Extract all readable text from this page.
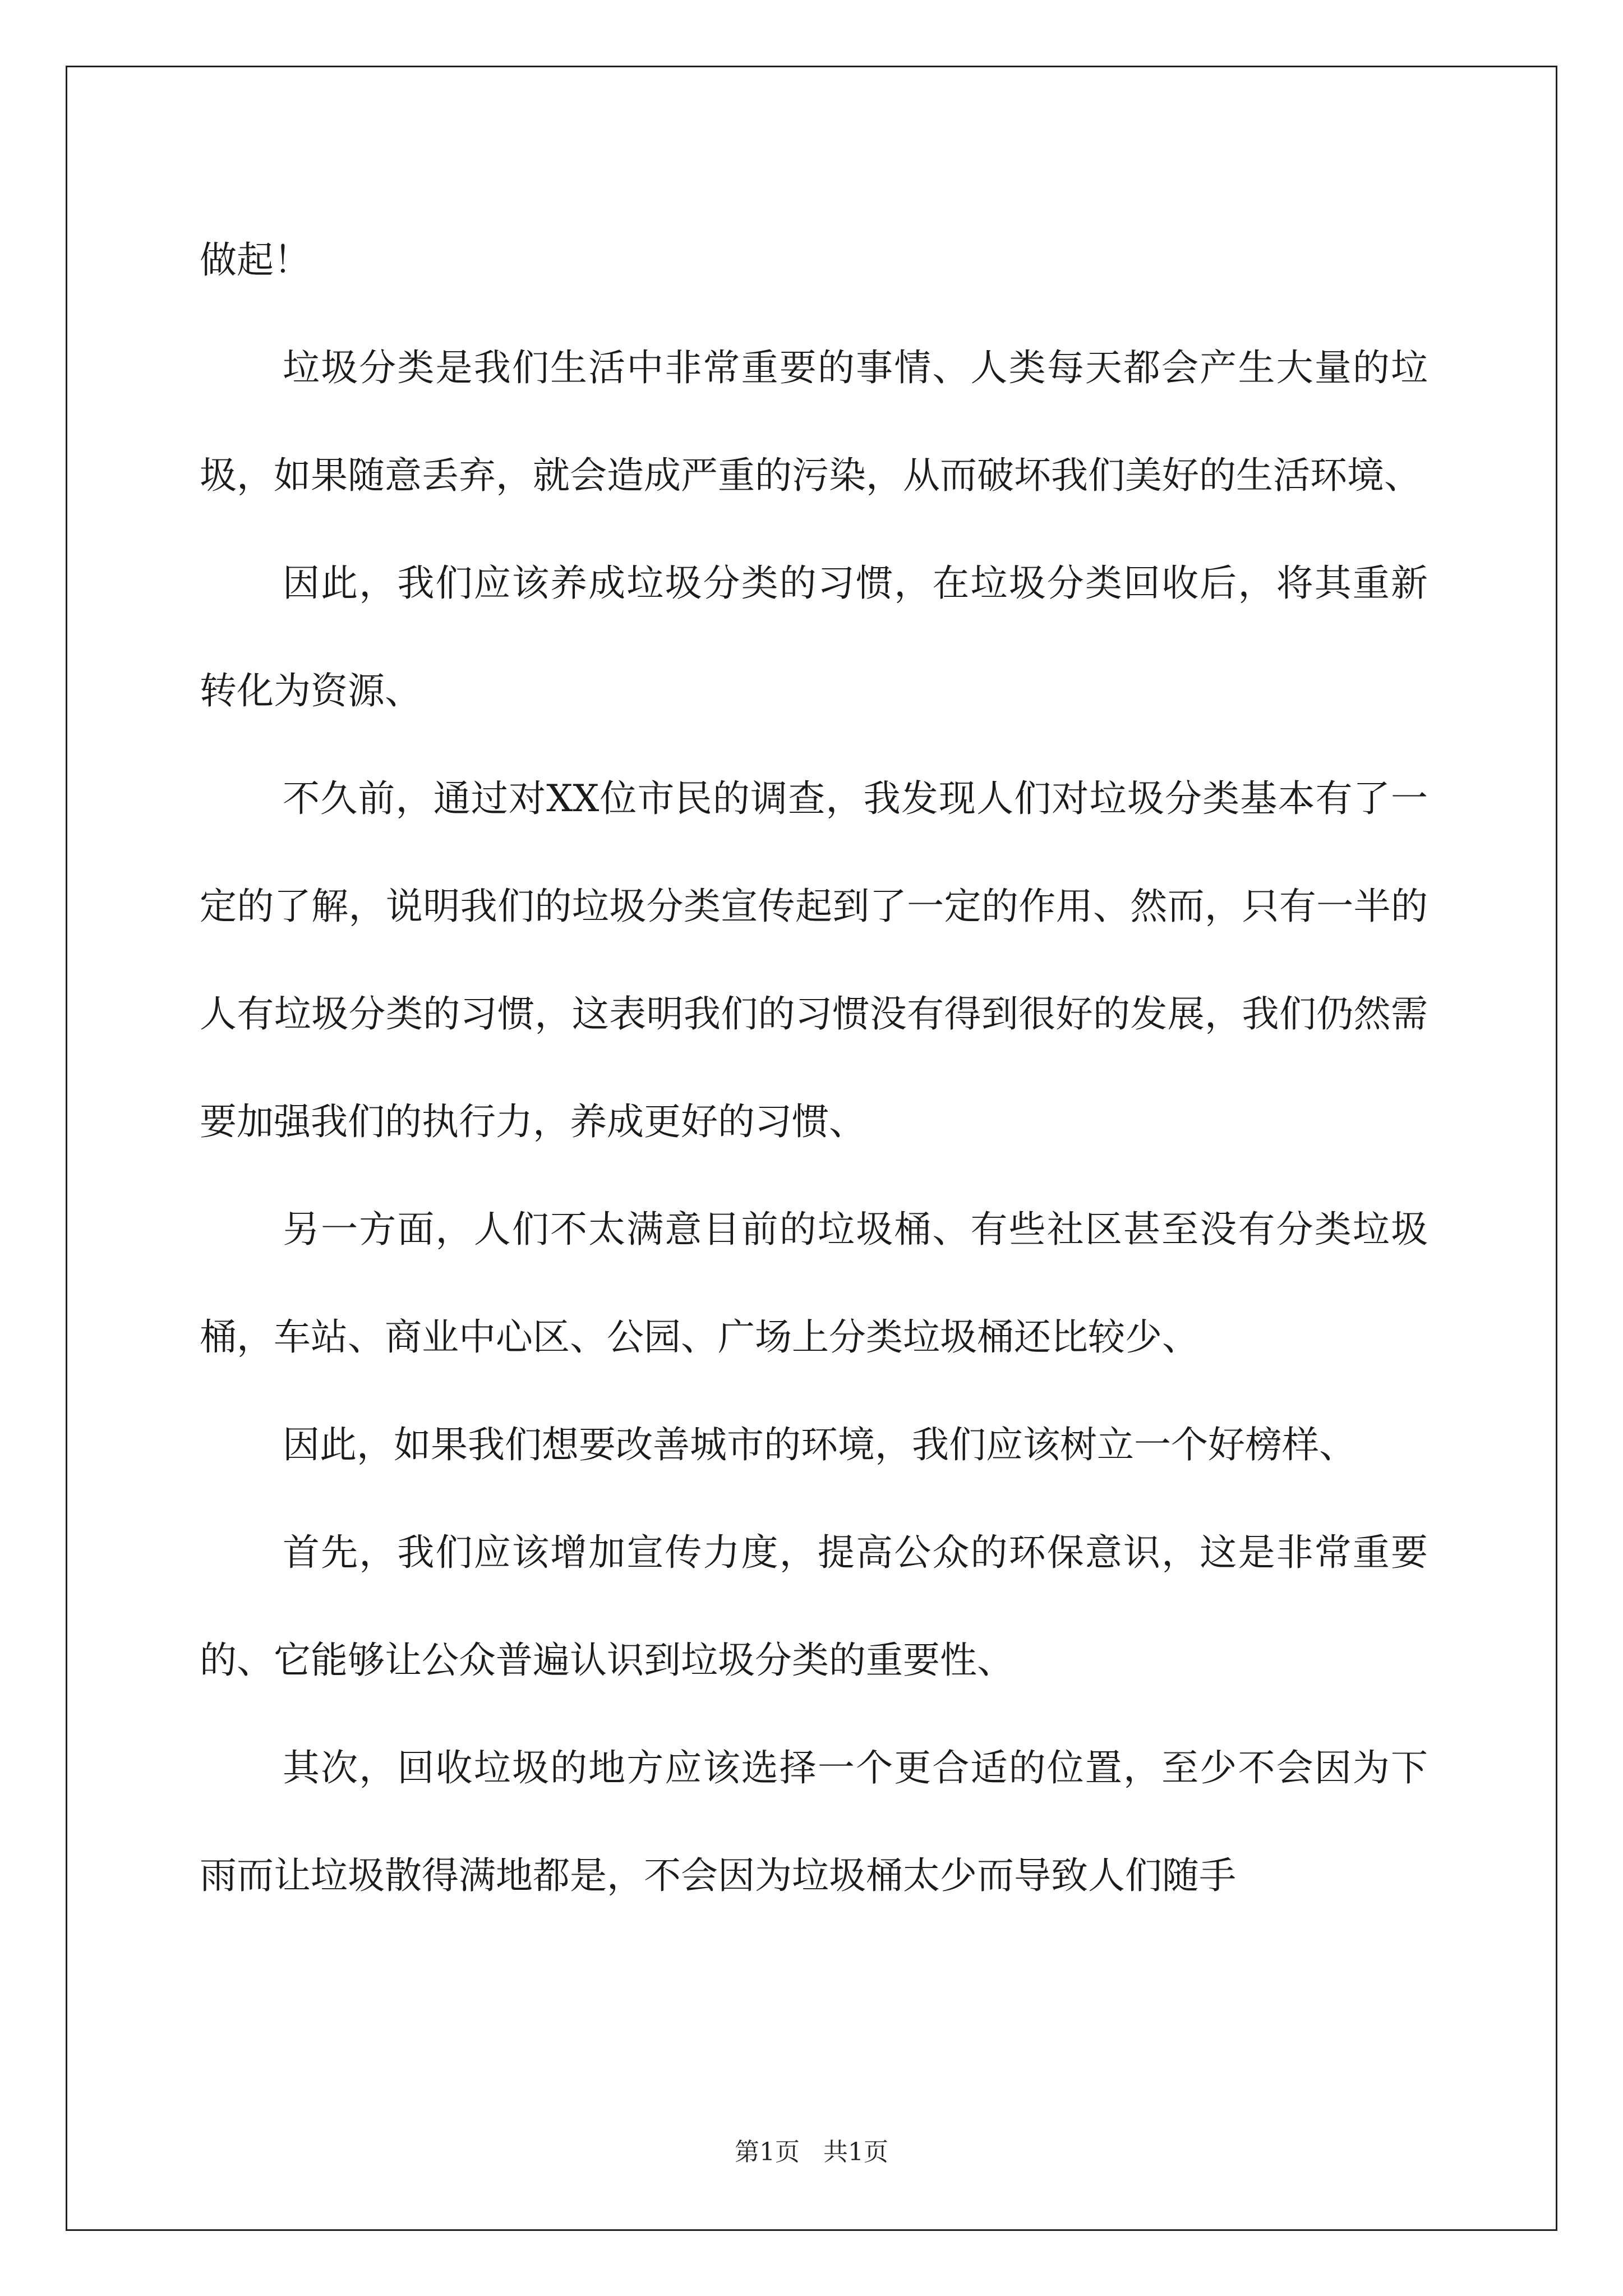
做起！

垃圾分类是我们生活中非常重要的事情、人类每天都会产生大量的垃圾，如果随意丢弃，就会造成严重的污染，从而破坏我们美好的生活环境、

因此，我们应该养成垃圾分类的习惯，在垃圾分类回收后，将其重新转化为资源、

不久前，通过对XX位市民的调查，我发现人们对垃圾分类基本有了一定的了解，说明我们的垃圾分类宣传起到了一定的作用、然而，只有一半的人有垃圾分类的习惯，这表明我们的习惯没有得到很好的发展，我们仍然需要加强我们的执行力，养成更好的习惯、

另一方面，人们不太满意目前的垃圾桶、有些社区甚至没有分类垃圾桶，车站、商业中心区、公园、广场上分类垃圾桶还比较少、

因此，如果我们想要改善城市的环境，我们应该树立一个好榜样、

首先，我们应该增加宣传力度，提高公众的环保意识，这是非常重要的、它能够让公众普遍认识到垃圾分类的重要性、

其次，回收垃圾的地方应该选择一个更合适的位置，至少不会因为下雨而让垃圾散得满地都是，不会因为垃圾桶太少而导致人们随手

第1页   共1页
